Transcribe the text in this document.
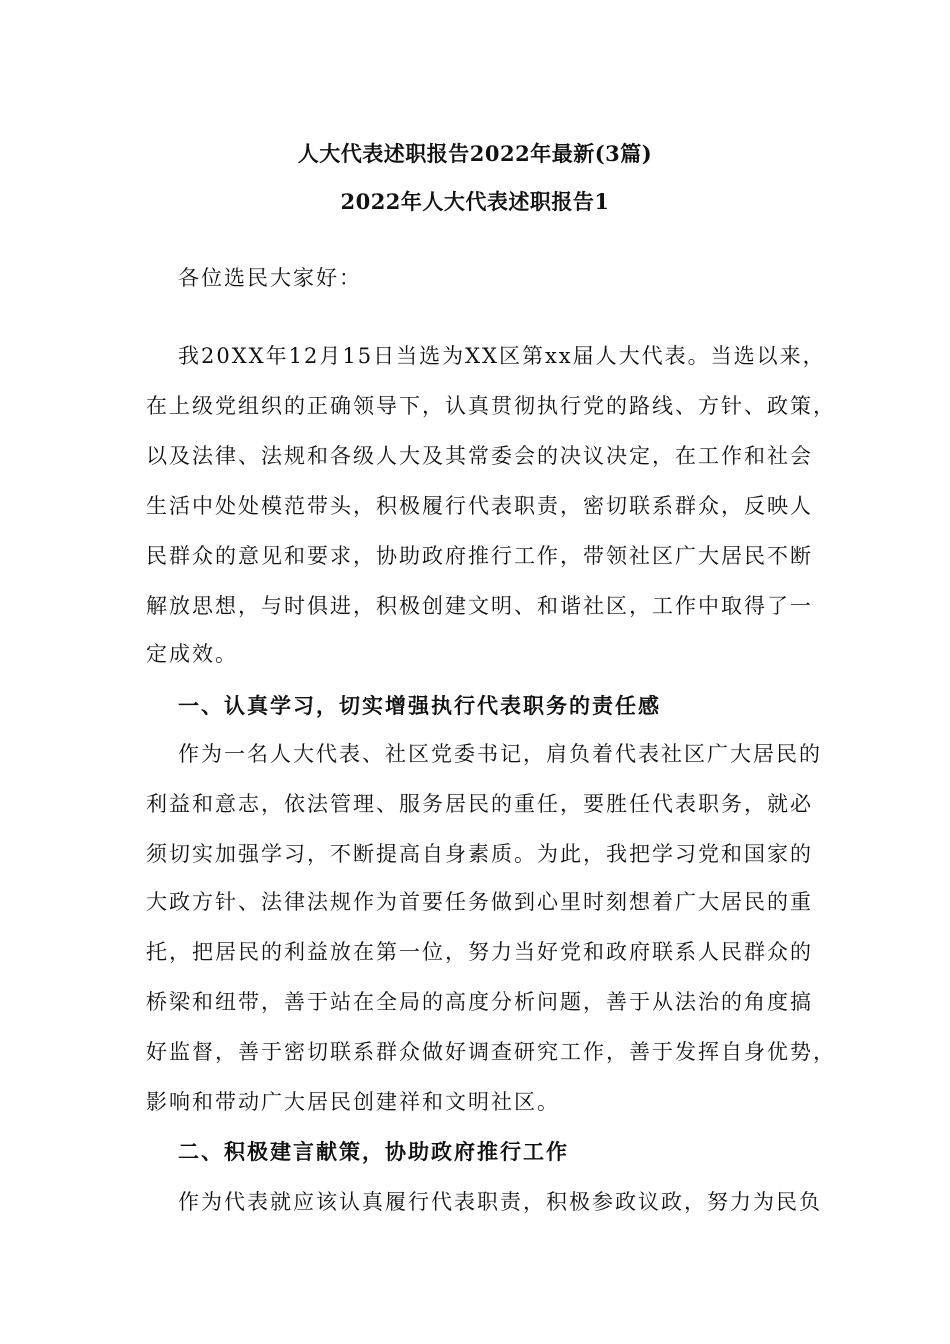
人大代表述职报告2022年最新(3篇)
2022年人大代表述职报告1
各位选民大家好：
我20XX年12月15日当选为XX区第xx届人大代表。当选以来，
在上级党组织的正确领导下，认真贯彻执行党的路线、方针、政策，
以及法律、法规和各级人大及其常委会的决议决定，在工作和社会
生活中处处模范带头，积极履行代表职责，密切联系群众，反映人
民群众的意见和要求，协助政府推行工作，带领社区广大居民不断
解放思想，与时俱进，积极创建文明、和谐社区，工作中取得了一
定成效。
一、认真学习，切实增强执行代表职务的责任感
作为一名人大代表、社区党委书记，肩负着代表社区广大居民的
利益和意志，依法管理、服务居民的重任，要胜任代表职务，就必
须切实加强学习，不断提高自身素质。为此，我把学习党和国家的
大政方针、法律法规作为首要任务做到心里时刻想着广大居民的重
托，把居民的利益放在第一位，努力当好党和政府联系人民群众的
桥梁和纽带，善于站在全局的高度分析问题，善于从法治的角度搞
好监督，善于密切联系群众做好调查研究工作，善于发挥自身优势，
影响和带动广大居民创建祥和文明社区。
二、积极建言献策，协助政府推行工作
作为代表就应该认真履行代表职责，积极参政议政，努力为民负
